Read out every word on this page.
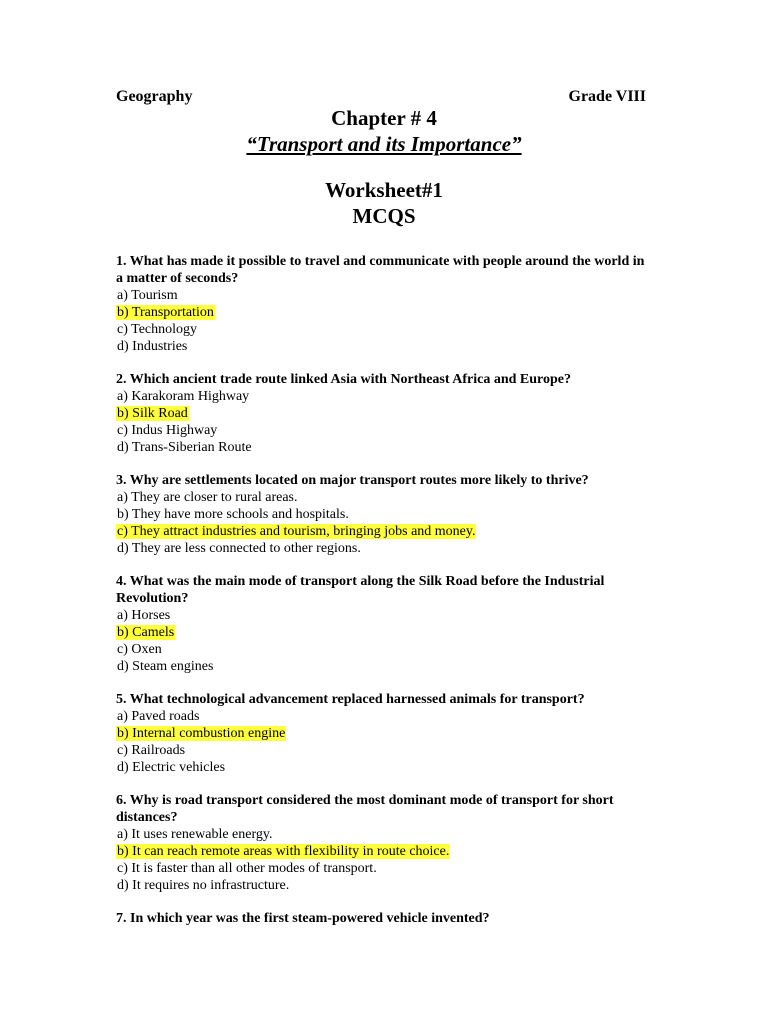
Geography	Grade VIII
Chapter # 4
“Transport and its Importance”
Worksheet#1
MCQS
1. What has made it possible to travel and communicate with people around the world in a matter of seconds?
a) Tourism
b) Transportation
c) Technology
d) Industries
2. Which ancient trade route linked Asia with Northeast Africa and Europe?
a) Karakoram Highway
b) Silk Road
c) Indus Highway
d) Trans-Siberian Route
3. Why are settlements located on major transport routes more likely to thrive?
a) They are closer to rural areas.
b) They have more schools and hospitals.
c) They attract industries and tourism, bringing jobs and money.
d) They are less connected to other regions.
4. What was the main mode of transport along the Silk Road before the Industrial Revolution?
a) Horses
b) Camels
c) Oxen
d) Steam engines
5. What technological advancement replaced harnessed animals for transport?
a) Paved roads
b) Internal combustion engine
c) Railroads
d) Electric vehicles
6. Why is road transport considered the most dominant mode of transport for short distances?
a) It uses renewable energy.
b) It can reach remote areas with flexibility in route choice.
c) It is faster than all other modes of transport.
d) It requires no infrastructure.
7. In which year was the first steam-powered vehicle invented?
